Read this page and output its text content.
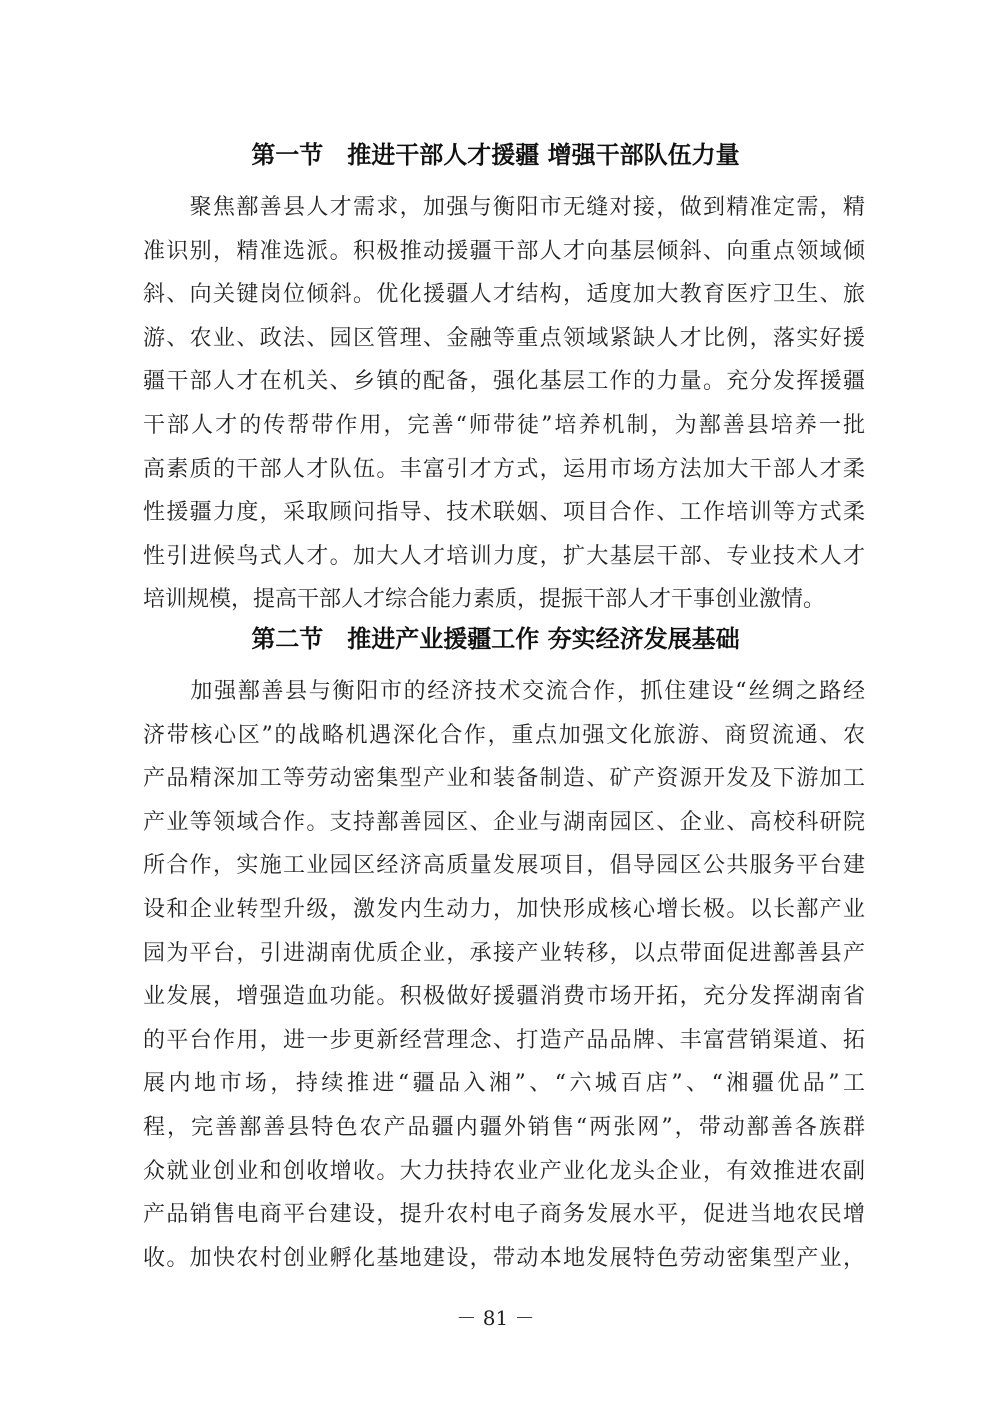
第一节　推进干部人才援疆 增强干部队伍力量
　　聚焦鄯善县人才需求，加强与衡阳市无缝对接，做到精准定需，精
准识别，精准选派。积极推动援疆干部人才向基层倾斜、向重点领域倾
斜、向关键岗位倾斜。优化援疆人才结构，适度加大教育医疗卫生、旅
游、农业、政法、园区管理、金融等重点领域紧缺人才比例，落实好援
疆干部人才在机关、乡镇的配备，强化基层工作的力量。充分发挥援疆
干部人才的传帮带作用，完善“师带徒”培养机制，为鄯善县培养一批
高素质的干部人才队伍。丰富引才方式，运用市场方法加大干部人才柔
性援疆力度，采取顾问指导、技术联姻、项目合作、工作培训等方式柔
性引进候鸟式人才。加大人才培训力度，扩大基层干部、专业技术人才
培训规模，提高干部人才综合能力素质，提振干部人才干事创业激情。
第二节　推进产业援疆工作 夯实经济发展基础
　　加强鄯善县与衡阳市的经济技术交流合作，抓住建设“丝绸之路经
济带核心区”的战略机遇深化合作，重点加强文化旅游、商贸流通、农
产品精深加工等劳动密集型产业和装备制造、矿产资源开发及下游加工
产业等领域合作。支持鄯善园区、企业与湖南园区、企业、高校科研院
所合作，实施工业园区经济高质量发展项目，倡导园区公共服务平台建
设和企业转型升级，激发内生动力，加快形成核心增长极。以长鄯产业
园为平台，引进湖南优质企业，承接产业转移，以点带面促进鄯善县产
业发展，增强造血功能。积极做好援疆消费市场开拓，充分发挥湖南省
的平台作用，进一步更新经营理念、打造产品品牌、丰富营销渠道、拓
展内地市场，持续推进“疆品入湘”、“六城百店”、“湘疆优品”工
程，完善鄯善县特色农产品疆内疆外销售“两张网”，带动鄯善各族群
众就业创业和创收增收。大力扶持农业产业化龙头企业，有效推进农副
产品销售电商平台建设，提升农村电子商务发展水平，促进当地农民增
收。加快农村创业孵化基地建设，带动本地发展特色劳动密集型产业，
－ 81 －
